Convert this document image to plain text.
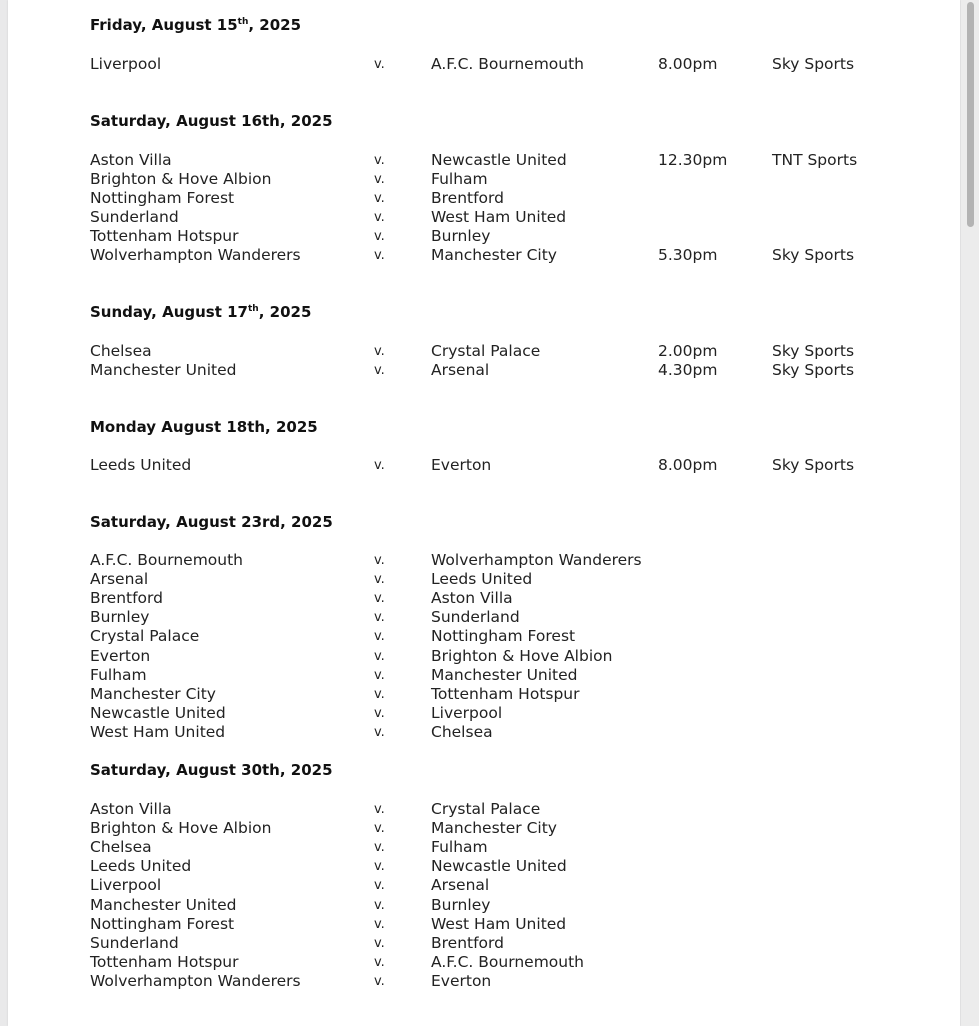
Friday, August 15th, 2025
Liverpool	v.	A.F.C. Bournemouth	8.00pm	Sky Sports
Saturday, August 16th, 2025
Aston Villa	v.	Newcastle United	12.30pm	TNT Sports
Brighton & Hove Albion	v.	Fulham
Nottingham Forest	v.	Brentford
Sunderland	v.	West Ham United
Tottenham Hotspur	v.	Burnley
Wolverhampton Wanderers	v.	Manchester City	5.30pm	Sky Sports
Sunday, August 17th, 2025
Chelsea	v.	Crystal Palace	2.00pm	Sky Sports
Manchester United	v.	Arsenal	4.30pm	Sky Sports
Monday August 18th, 2025
Leeds United	v.	Everton	8.00pm	Sky Sports
Saturday, August 23rd, 2025
A.F.C. Bournemouth	v.	Wolverhampton Wanderers
Arsenal	v.	Leeds United
Brentford	v.	Aston Villa
Burnley	v.	Sunderland
Crystal Palace	v.	Nottingham Forest
Everton	v.	Brighton & Hove Albion
Fulham	v.	Manchester United
Manchester City	v.	Tottenham Hotspur
Newcastle United	v.	Liverpool
West Ham United	v.	Chelsea
Saturday, August 30th, 2025
Aston Villa	v.	Crystal Palace
Brighton & Hove Albion	v.	Manchester City
Chelsea	v.	Fulham
Leeds United	v.	Newcastle United
Liverpool	v.	Arsenal
Manchester United	v.	Burnley
Nottingham Forest	v.	West Ham United
Sunderland	v.	Brentford
Tottenham Hotspur	v.	A.F.C. Bournemouth
Wolverhampton Wanderers	v.	Everton
